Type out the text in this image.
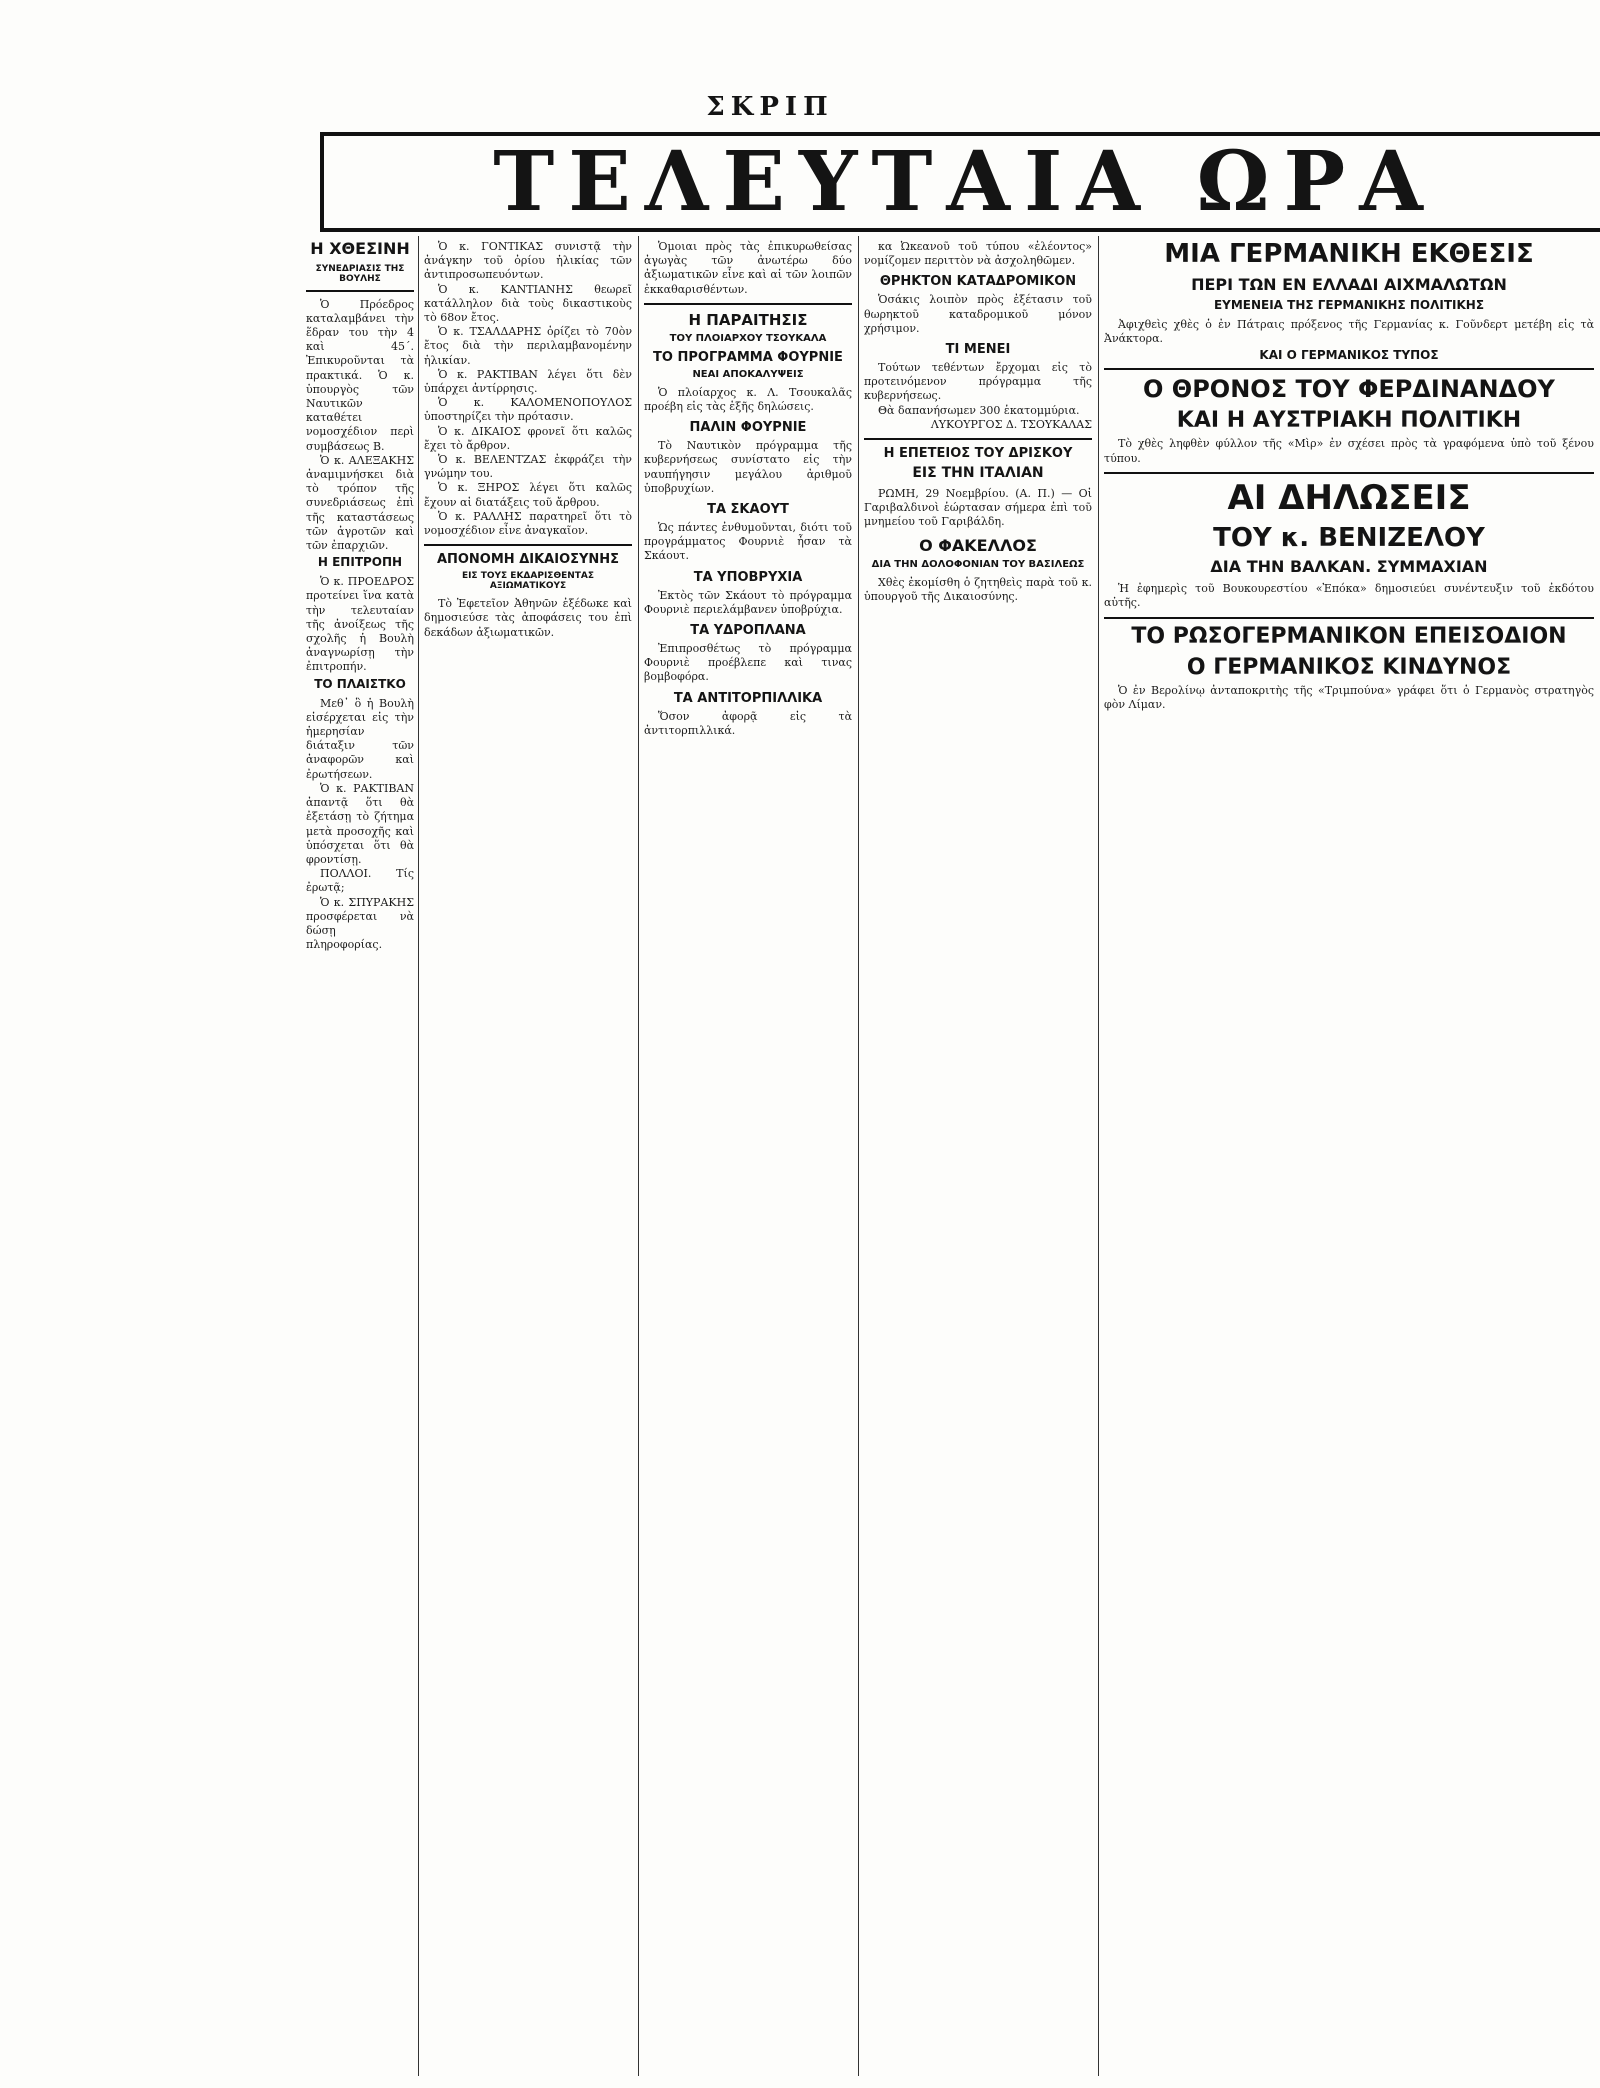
ΣΚΡΙΠ
ΤΕΛΕΥΤΑΙΑ ΩΡΑ
Η ΧΘΕΣΙΝΗ
ΣΥΝΕΔΡΙΑΣΙΣ ΤΗΣ ΒΟΥΛΗΣ

Ὁ Πρόεδρος καταλαμβάνει τὴν ἕδραν του τὴν 4 καὶ 45΄. Ἐπικυροῦνται τὰ πρακτικά. Ὁ κ. ὑπουργὸς τῶν Ναυτικῶν καταθέτει νομοσχέδιον περὶ συμβάσεως Β.

Ὁ κ. ΑΛΕΞΑΚΗΣ ἀναμιμνήσκει διὰ τὸ τρόπον τῆς συνεδριάσεως ἐπὶ τῆς καταστάσεως τῶν ἀγροτῶν καὶ τῶν ἐπαρχιῶν.

Η ΕΠΙΤΡΟΠΗ

Ὁ κ. ΠΡΟΕΔΡΟΣ προτείνει ἵνα κατὰ τὴν τελευταίαν τῆς ἀνοίξεως τῆς σχολῆς ἡ Βουλὴ ἀναγνωρίσῃ τὴν ἐπιτροπήν.

ΤΟ ΠΛΑΙΣΤΚΟ

Μεθ᾽ ὃ ἡ Βουλὴ εἰσέρχεται εἰς τὴν ἡμερησίαν διάταξιν τῶν ἀναφορῶν καὶ ἐρωτήσεων.

Ὁ κ. ΡΑΚΤΙΒΑΝ ἀπαντᾷ ὅτι θὰ ἐξετάσῃ τὸ ζήτημα μετὰ προσοχῆς καὶ ὑπόσχεται ὅτι θὰ φροντίσῃ.

ΠΟΛΛΟΙ. Τίς ἐρωτᾷ;

Ὁ κ. ΣΠΥΡΑΚΗΣ προσφέρεται νὰ δώσῃ πληροφορίας.

Ὁ κ. ΓΟΝΤΙΚΑΣ συνιστᾷ τὴν ἀνάγκην τοῦ ὀρίου ἡλικίας τῶν ἀντιπροσωπευόντων.

Ὁ κ. ΚΑΝΤΙΑΝΗΣ θεωρεῖ κατάλληλον διὰ τοὺς δικαστικοὺς τὸ 68ον ἔτος.

Ὁ κ. ΤΣΑΛΔΑΡΗΣ ὁρίζει τὸ 70ὸν ἔτος διὰ τὴν περιλαμβανομένην ἡλικίαν.

Ὁ κ. ΡΑΚΤΙΒΑΝ λέγει ὅτι δὲν ὑπάρχει ἀντίρρησις.

Ὁ κ. ΚΑΛΟΜΕΝΟΠΟΥΛΟΣ ὑποστηρίζει τὴν πρότασιν.

Ὁ κ. ΔΙΚΑΙΟΣ φρονεῖ ὅτι καλῶς ἔχει τὸ ἄρθρον.

Ὁ κ. ΒΕΛΕΝΤΖΑΣ ἐκφράζει τὴν γνώμην του.

Ὁ κ. ΞΗΡΟΣ λέγει ὅτι καλῶς ἔχουν αἱ διατάξεις τοῦ ἄρθρου.

Ὁ κ. ΡΑΛΛΗΣ παρατηρεῖ ὅτι τὸ νομοσχέδιον εἶνε ἀναγκαῖον.

ΑΠΟΝΟΜΗ ΔΙΚΑΙΟΣΥΝΗΣ
ΕΙΣ ΤΟΥΣ ΕΚΔΑΡΙΣΘΕΝΤΑΣ ΑΞΙΩΜΑΤΙΚΟΥΣ

Τὸ Ἐφετεῖον Ἀθηνῶν ἐξέδωκε καὶ δημοσιεύσε τὰς ἀποφάσεις του ἐπὶ δεκάδων ἀξιωματικῶν.

Ὁμοιαι πρὸς τὰς ἐπικυρωθείσας ἀγωγὰς τῶν ἀνωτέρω δύο ἀξιωματικῶν εἶνε καὶ αἱ τῶν λοιπῶν ἐκκαθαρισθέντων.

Η ΠΑΡΑΙΤΗΣΙΣ
ΤΟΥ ΠΛΟΙΑΡΧΟΥ ΤΣΟΥΚΑΛΑ
ΤΟ ΠΡΟΓΡΑΜΜΑ ΦΟΥΡΝΙΕ
ΝΕΑΙ ΑΠΟΚΑΛΥΨΕΙΣ

Ὁ πλοίαρχος κ. Λ. Τσουκαλᾶς προέβη εἰς τὰς ἑξῆς δηλώσεις.

ΠΑΛΙΝ ΦΟΥΡΝΙΕ

Τὸ Ναυτικὸν πρόγραμμα τῆς κυβερνήσεως συνίστατο εἰς τὴν ναυπήγησιν μεγάλου ἀριθμοῦ ὑποβρυχίων.

ΤΑ ΣΚΑΟΥΤ

Ὡς πάντες ἐνθυμοῦνται, διότι τοῦ προγράμματος Φουρνιὲ ἦσαν τὰ Σκάουτ.

ΤΑ ΥΠΟΒΡΥΧΙΑ

Ἐκτὸς τῶν Σκάουτ τὸ πρόγραμμα Φουρνιὲ περιελάμβανεν ὑποβρύχια.

ΤΑ ΥΔΡΟΠΛΑΝΑ

Ἐπιπροσθέτως τὸ πρόγραμμα Φουρνιὲ προέβλεπε καὶ τινας βομβοφόρα.

ΤΑ ΑΝΤΙΤΟΡΠΙΛΛΙΚΑ

Ὅσον ἀφορᾷ εἰς τὰ ἀντιτορπιλλικά.

κα Ὠκεανοῦ τοῦ τύπου «ἐλέοντος» νομίζομεν περιττὸν νὰ ἀσχοληθῶμεν.

ΘΡΗΚΤΟΝ ΚΑΤΑΔΡΟΜΙΚΟΝ

Ὁσάκις λοιπὸν πρὸς ἐξέτασιν τοῦ θωρηκτοῦ καταδρομικοῦ μόνον χρήσιμον.

ΤΙ ΜΕΝΕΙ

Τούτων τεθέντων ἔρχομαι εἰς τὸ προτεινόμενον πρόγραμμα τῆς κυβερνήσεως.

Θὰ δαπανήσωμεν 300 ἑκατομμύρια.

ΛΥΚΟΥΡΓΟΣ Δ. ΤΣΟΥΚΑΛΑΣ

Η ΕΠΕΤΕΙΟΣ ΤΟΥ ΔΡΙΣΚΟΥ
ΕΙΣ ΤΗΝ ΙΤΑΛΙΑΝ

ΡΩΜΗ, 29 Νοεμβρίου. (Α. Π.) — Οἱ Γαριβαλδινοὶ ἑώρτασαν σήμερα ἐπὶ τοῦ μνημείου τοῦ Γαριβάλδη.

Ο ΦΑΚΕΛΛΟΣ
ΔΙΑ ΤΗΝ ΔΟΛΟΦΟΝΙΑΝ ΤΟΥ ΒΑΣΙΛΕΩΣ

Χθὲς ἐκομίσθη ὁ ζητηθεὶς παρὰ τοῦ κ. ὑπουργοῦ τῆς Δικαιοσύνης.

ΜΙΑ ΓΕΡΜΑΝΙΚΗ ΕΚΘΕΣΙΣ
ΠΕΡΙ ΤΩΝ ΕΝ ΕΛΛΑΔΙ ΑΙΧΜΑΛΩΤΩΝ
ΕΥΜΕΝΕΙΑ ΤΗΣ ΓΕΡΜΑΝΙΚΗΣ ΠΟΛΙΤΙΚΗΣ

Ἀφιχθεὶς χθὲς ὁ ἐν Πάτραις πρόξενος τῆς Γερμανίας κ. Γοῦνδερτ μετέβη εἰς τὰ Ἀνάκτορα.

ΚΑΙ Ο ΓΕΡΜΑΝΙΚΟΣ ΤΥΠΟΣ
Ο ΘΡΟΝΟΣ ΤΟΥ ΦΕΡΔΙΝΑΝΔΟΥ
ΚΑΙ Η ΑΥΣΤΡΙΑΚΗ ΠΟΛΙΤΙΚΗ

Τὸ χθὲς ληφθὲν φύλλον τῆς «Μὶρ» ἐν σχέσει πρὸς τὰ γραφόμενα ὑπὸ τοῦ ξένου τύπου.

ΑΙ ΔΗΛΩΣΕΙΣ
ΤΟΥ κ. ΒΕΝΙΖΕΛΟΥ
ΔΙΑ ΤΗΝ ΒΑΛΚΑΝ. ΣΥΜΜΑΧΙΑΝ

Ἡ ἐφημερὶς τοῦ Βουκουρεστίου «Ἐπόκα» δημοσιεύει συνέντευξιν τοῦ ἐκδότου αὐτῆς.

ΤΟ ΡΩΣΟΓΕΡΜΑΝΙΚΟΝ ΕΠΕΙΣΟΔΙΟΝ
Ο ΓΕΡΜΑΝΙΚΟΣ ΚΙΝΔΥΝΟΣ

Ὁ ἐν Βερολίνῳ ἀνταποκριτὴς τῆς «Τριμπούνα» γράφει ὅτι ὁ Γερμανὸς στρατηγὸς φὸν Λίμαν.
